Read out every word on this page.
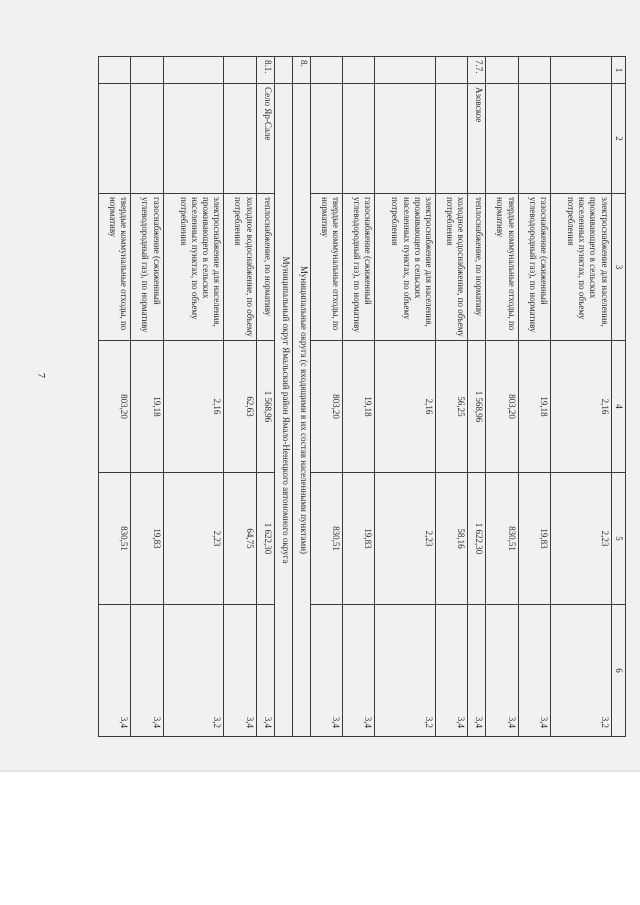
7
1	2	3	4	5	6
		электроснабжение для населения, проживающего в сельских населенных пунктах, по объему потребления	2,16	2,23	3,2
		газоснабжение (сжиженный углеводородный газ), по нормативу	19,18	19,83	3,4
		твердые коммунальные отходы, по нормативу	803,20	830,51	3,4
7.7.	Азовское	теплоснабжение, по нормативу	1 568,96	1 622,30	3,4
		холодное водоснабжение, по объему потребления	56,25	58,16	3,4
		электроснабжение для населения, проживающего в сельских населенных пунктах, по объему потребления	2,16	2,23	3,2
		газоснабжение (сжиженный углеводородный газ), по нормативу	19,18	19,83	3,4
		твердые коммунальные отходы, по нормативу	803,20	830,51	3,4
8.	Муниципальные округа (с входящими в их состав населенными пунктами)				
	Муниципальный округ Ямальский район Ямало-Ненецкого автономного округа				
8.1.	Село Яр-Сале	теплоснабжение, по нормативу	1 568,96	1 622,30	3,4
		холодное водоснабжение, по объему потребления	62,63	64,75	3,4
		электроснабжение для населения, проживающего в сельских населенных пунктах, по объему потребления	2,16	2,23	3,2
		газоснабжение (сжиженный углеводородный газ), по нормативу	19,18	19,83	3,4
		твердые коммунальные отходы, по нормативу	803,20	830,51	3,4
